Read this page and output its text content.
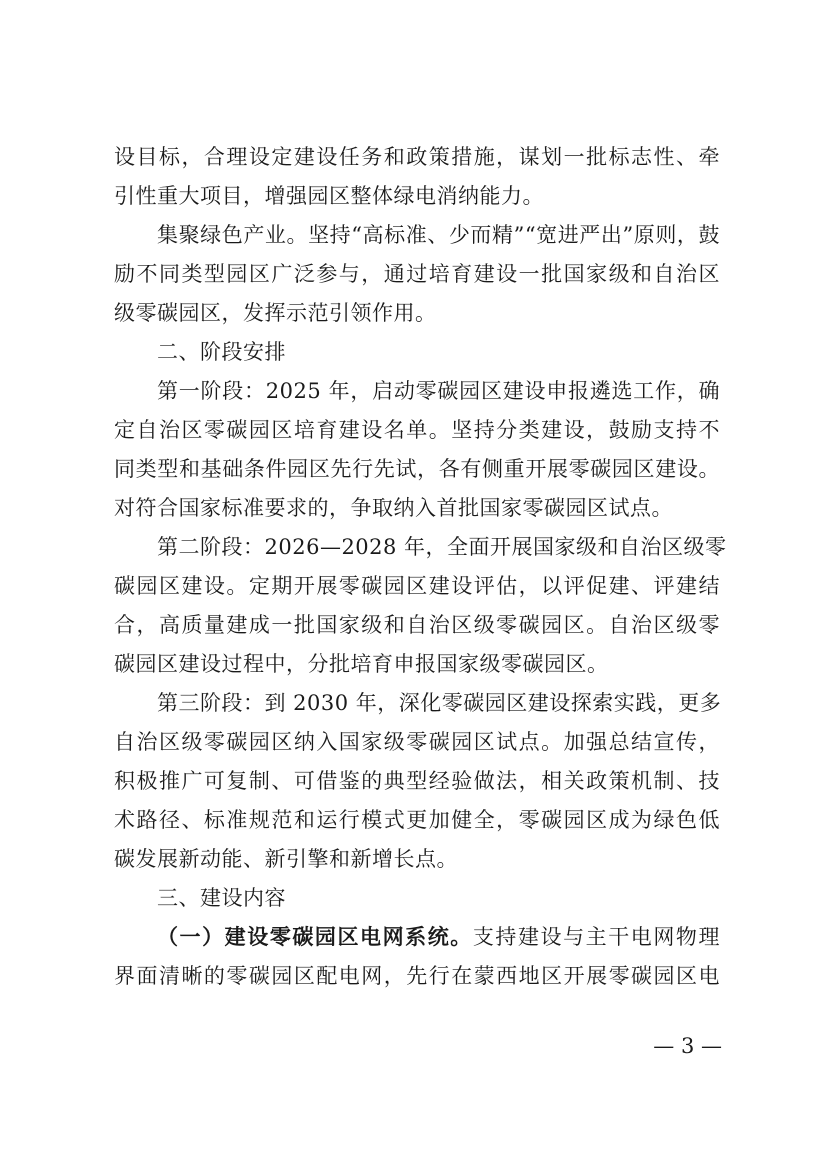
设目标，合理设定建设任务和政策措施，谋划一批标志性、牵
引性重大项目，增强园区整体绿电消纳能力。
集聚绿色产业。坚持“高标准、少而精”“宽进严出”原则，鼓
励不同类型园区广泛参与，通过培育建设一批国家级和自治区
级零碳园区，发挥示范引领作用。
二、阶段安排
第一阶段：2025 年，启动零碳园区建设申报遴选工作，确
定自治区零碳园区培育建设名单。坚持分类建设，鼓励支持不
同类型和基础条件园区先行先试，各有侧重开展零碳园区建设。
对符合国家标准要求的，争取纳入首批国家零碳园区试点。
第二阶段：2026—2028 年，全面开展国家级和自治区级零
碳园区建设。定期开展零碳园区建设评估，以评促建、评建结
合，高质量建成一批国家级和自治区级零碳园区。自治区级零
碳园区建设过程中，分批培育申报国家级零碳园区。
第三阶段：到 2030 年，深化零碳园区建设探索实践，更多
自治区级零碳园区纳入国家级零碳园区试点。加强总结宣传，
积极推广可复制、可借鉴的典型经验做法，相关政策机制、技
术路径、标准规范和运行模式更加健全，零碳园区成为绿色低
碳发展新动能、新引擎和新增长点。
三、建设内容
（一）建设零碳园区电网系统。支持建设与主干电网物理
界面清晰的零碳园区配电网，先行在蒙西地区开展零碳园区电
— 3 —
